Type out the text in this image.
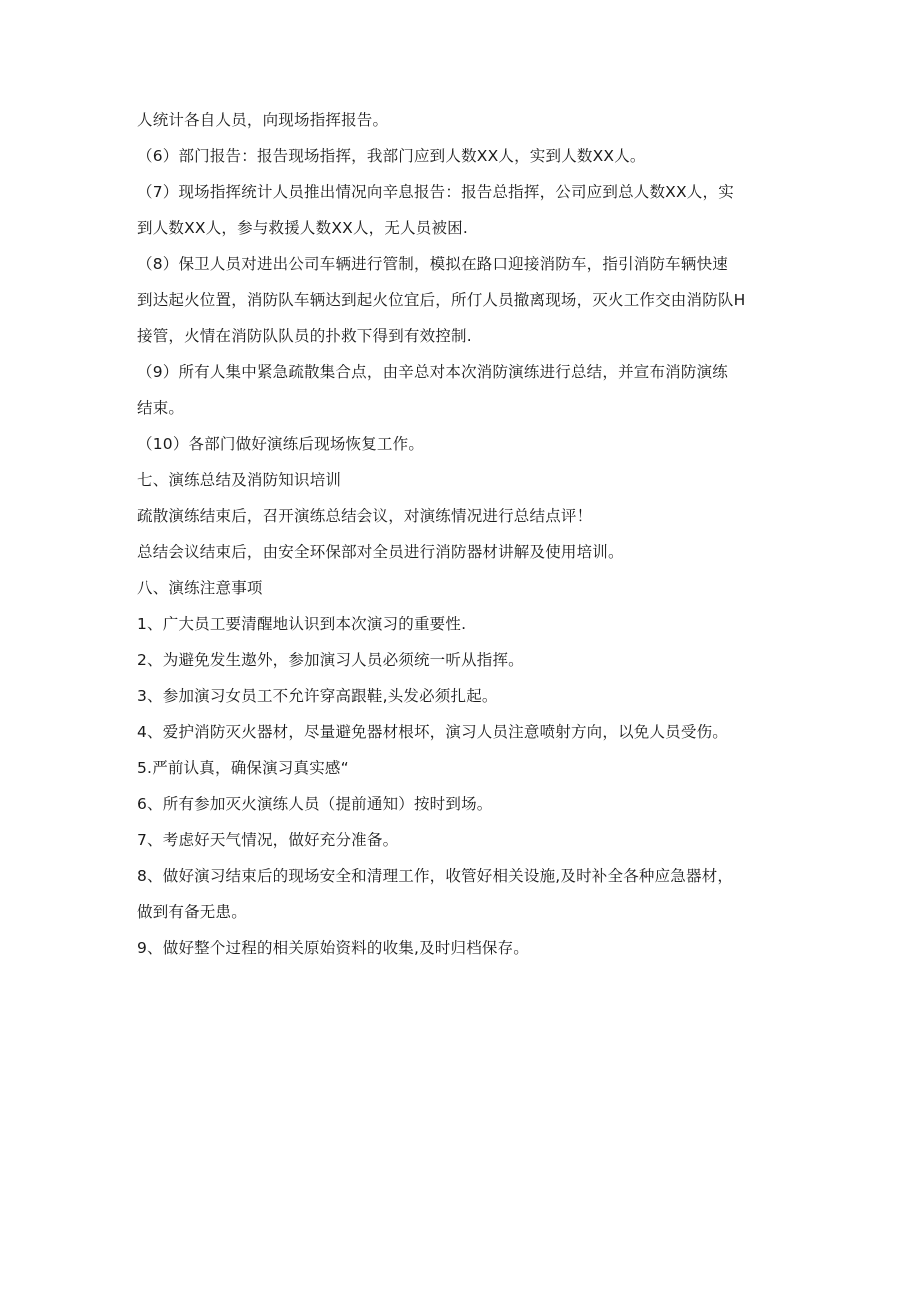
人统计各自人员，向现场指挥报告。
（6）部门报告：报告现场指挥，我部门应到人数XX人，实到人数XX人。
（7）现场指挥统计人员推出情况向辛息报告：报告总指挥，公司应到总人数XX人，实
到人数XX人，参与救援人数XX人，无人员被困.
（8）保卫人员对进出公司车辆进行管制，模拟在路口迎接消防车，指引消防车辆快速
到达起火位置，消防队车辆达到起火位宜后，所仃人员撤离现场，灭火工作交由消防队H
接管，火情在消防队队员的扑救下得到有效控制.
（9）所有人集中紧急疏散集合点，由辛总对本次消防演练进行总结，并宣布消防演练
结束。
（10）各部门做好演练后现场恢复工作。
七、演练总结及消防知识培训
疏散演练结束后，召开演练总结会议，对演练情况进行总结点评！
总结会议结束后，由安全环保部对全员进行消防器材讲解及使用培训。
八、演练注意事项
1、广大员工要清醒地认识到本次演习的重要性.
2、为避免发生遨外，参加演习人员必须统一听从指挥。
3、参加演习女员工不允许穿高跟鞋,头发必须扎起。
4、爱护消防灭火器材，尽量避免器材根坏，演习人员注意喷射方向，以免人员受伤。
5.严前认真，确保演习真实感“
6、所有参加灭火演练人员（提前通知）按时到场。
7、考虑好天气情况，做好充分准备。
8、做好演习结束后的现场安全和清理工作，收管好相关设施,及时补全各种应急器材，
做到有备无患。
9、做好整个过程的相关原始资料的收集,及时归档保存。
